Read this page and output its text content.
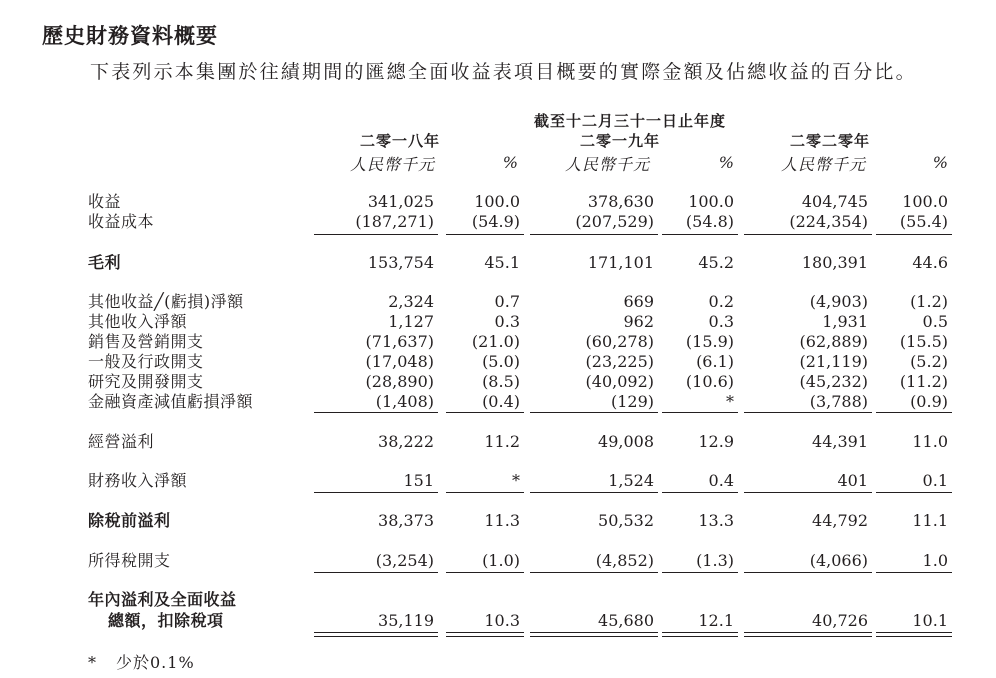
歷史財務資料概要
下表列示本集團於往績期間的匯總全面收益表項目概要的實際金額及佔總收益的百分比。
截至十二月三十一日止年度
二零一八年	二零一九年	二零二零年
人民幣千元	%	人民幣千元	%	人民幣千元	%
收益	341,025	100.0	378,630	100.0	404,745	100.0
收益成本	(187,271)	(54.9)	(207,529)	(54.8)	(224,354)	(55.4)
毛利	153,754	45.1	171,101	45.2	180,391	44.6
其他收益╱(虧損)淨額	2,324	0.7	669	0.2	(4,903)	(1.2)
其他收入淨額	1,127	0.3	962	0.3	1,931	0.5
銷售及營銷開支	(71,637)	(21.0)	(60,278)	(15.9)	(62,889)	(15.5)
一般及行政開支	(17,048)	(5.0)	(23,225)	(6.1)	(21,119)	(5.2)
研究及開發開支	(28,890)	(8.5)	(40,092)	(10.6)	(45,232)	(11.2)
金融資產減值虧損淨額	(1,408)	(0.4)	(129)	*	(3,788)	(0.9)
經營溢利	38,222	11.2	49,008	12.9	44,391	11.0
財務收入淨額	151	*	1,524	0.4	401	0.1
除稅前溢利	38,373	11.3	50,532	13.3	44,792	11.1
所得稅開支	(3,254)	(1.0)	(4,852)	(1.3)	(4,066)	1.0
年內溢利及全面收益
總額，扣除稅項	35,119	10.3	45,680	12.1	40,726	10.1
* 少於0.1%
